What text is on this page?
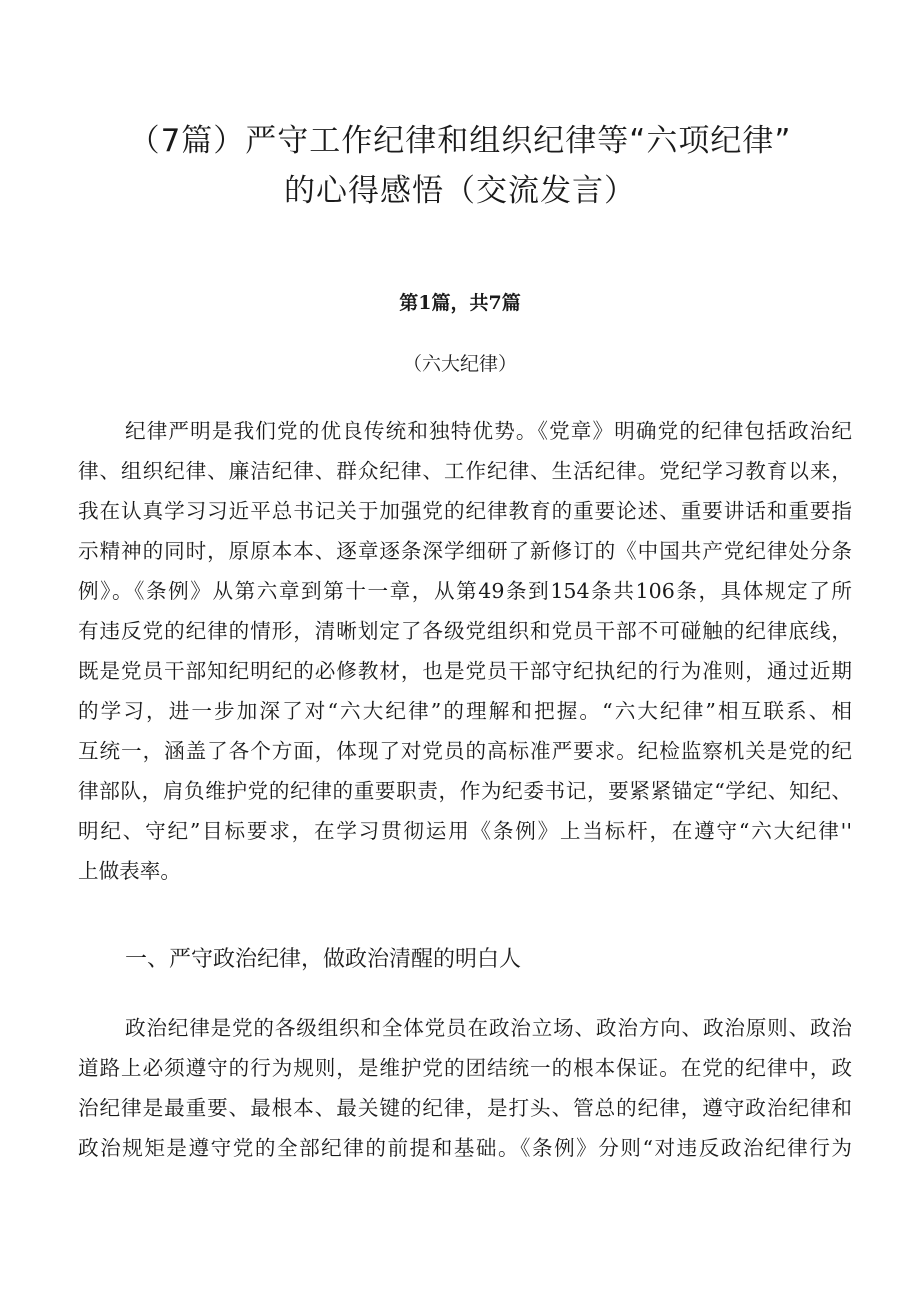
（7篇）严守工作纪律和组织纪律等“六项纪律”
的心得感悟（交流发言）
第1篇，共7篇
（六大纪律）
纪律严明是我们党的优良传统和独特优势。《党章》明确党的纪律包括政治纪
律、组织纪律、廉洁纪律、群众纪律、工作纪律、生活纪律。党纪学习教育以来，
我在认真学习习近平总书记关于加强党的纪律教育的重要论述、重要讲话和重要指
示精神的同时，原原本本、逐章逐条深学细研了新修订的《中国共产党纪律处分条
例》。《条例》从第六章到第十一章，从第49条到154条共106条，具体规定了所
有违反党的纪律的情形，清晰划定了各级党组织和党员干部不可碰触的纪律底线，
既是党员干部知纪明纪的必修教材，也是党员干部守纪执纪的行为准则，通过近期
的学习，进一步加深了对“六大纪律”的理解和把握。“六大纪律”相互联系、相
互统一，涵盖了各个方面，体现了对党员的高标准严要求。纪检监察机关是党的纪
律部队，肩负维护党的纪律的重要职责，作为纪委书记，要紧紧锚定“学纪、知纪、
明纪、守纪”目标要求，在学习贯彻运用《条例》上当标杆，在遵守“六大纪律''
上做表率。
一、严守政治纪律，做政治清醒的明白人
政治纪律是党的各级组织和全体党员在政治立场、政治方向、政治原则、政治
道路上必须遵守的行为规则，是维护党的团结统一的根本保证。在党的纪律中，政
治纪律是最重要、最根本、最关键的纪律，是打头、管总的纪律，遵守政治纪律和
政治规矩是遵守党的全部纪律的前提和基础。《条例》分则“对违反政治纪律行为
